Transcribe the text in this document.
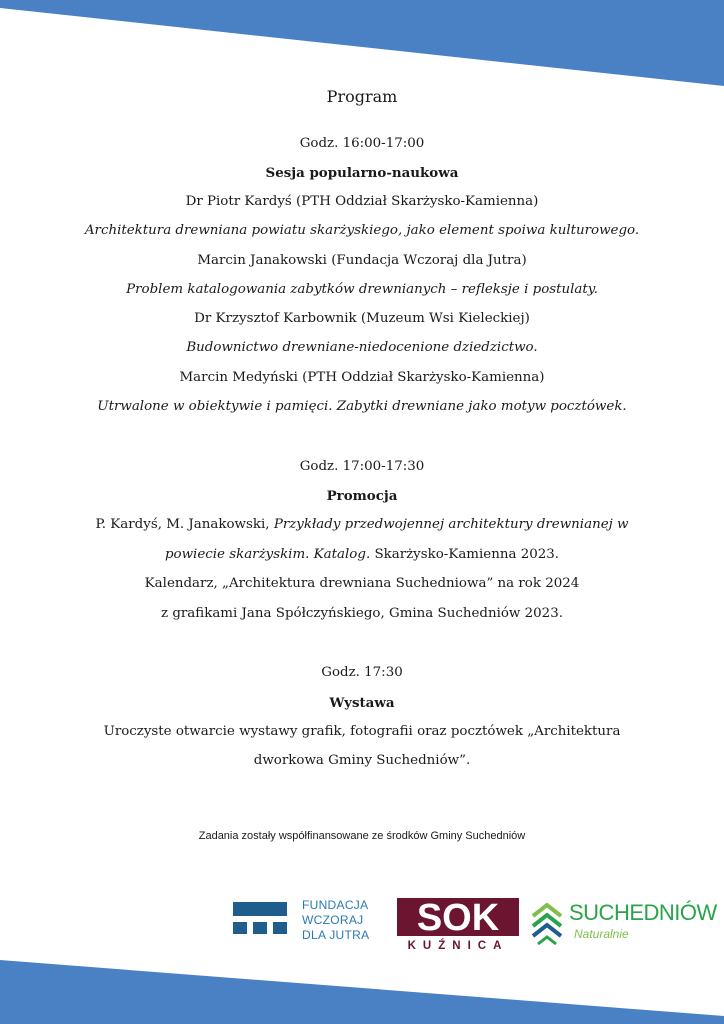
Program
Godz. 16:00-17:00
Sesja popularno-naukowa
Dr Piotr Kardyś (PTH Oddział Skarżysko-Kamienna)
Architektura drewniana powiatu skarżyskiego, jako element spoiwa kulturowego.
Marcin Janakowski (Fundacja Wczoraj dla Jutra)
Problem katalogowania zabytków drewnianych – refleksje i postulaty.
Dr Krzysztof Karbownik (Muzeum Wsi Kieleckiej)
Budownictwo drewniane-niedocenione dziedzictwo.
Marcin Medyński (PTH Oddział Skarżysko-Kamienna)
Utrwalone w obiektywie i pamięci. Zabytki drewniane jako motyw pocztówek.
Godz. 17:00-17:30
Promocja
P. Kardyś, M. Janakowski, Przykłady przedwojennej architektury drewnianej w
powiecie skarżyskim. Katalog. Skarżysko-Kamienna 2023.
Kalendarz, „Architektura drewniana Suchedniowa” na rok 2024
z grafikami Jana Spółczyńskiego, Gmina Suchedniów 2023.
Godz. 17:30
Wystawa
Uroczyste otwarcie wystawy grafik, fotografii oraz pocztówek „Architektura
dworkowa Gminy Suchedniów”.
Zadania zostały współfinansowane ze środków Gminy Suchedniów
FUNDACJA
WCZORAJ
DLA JUTRA	SOK
KUŹNICA
SUCHEDNIÓW
Naturalnie
